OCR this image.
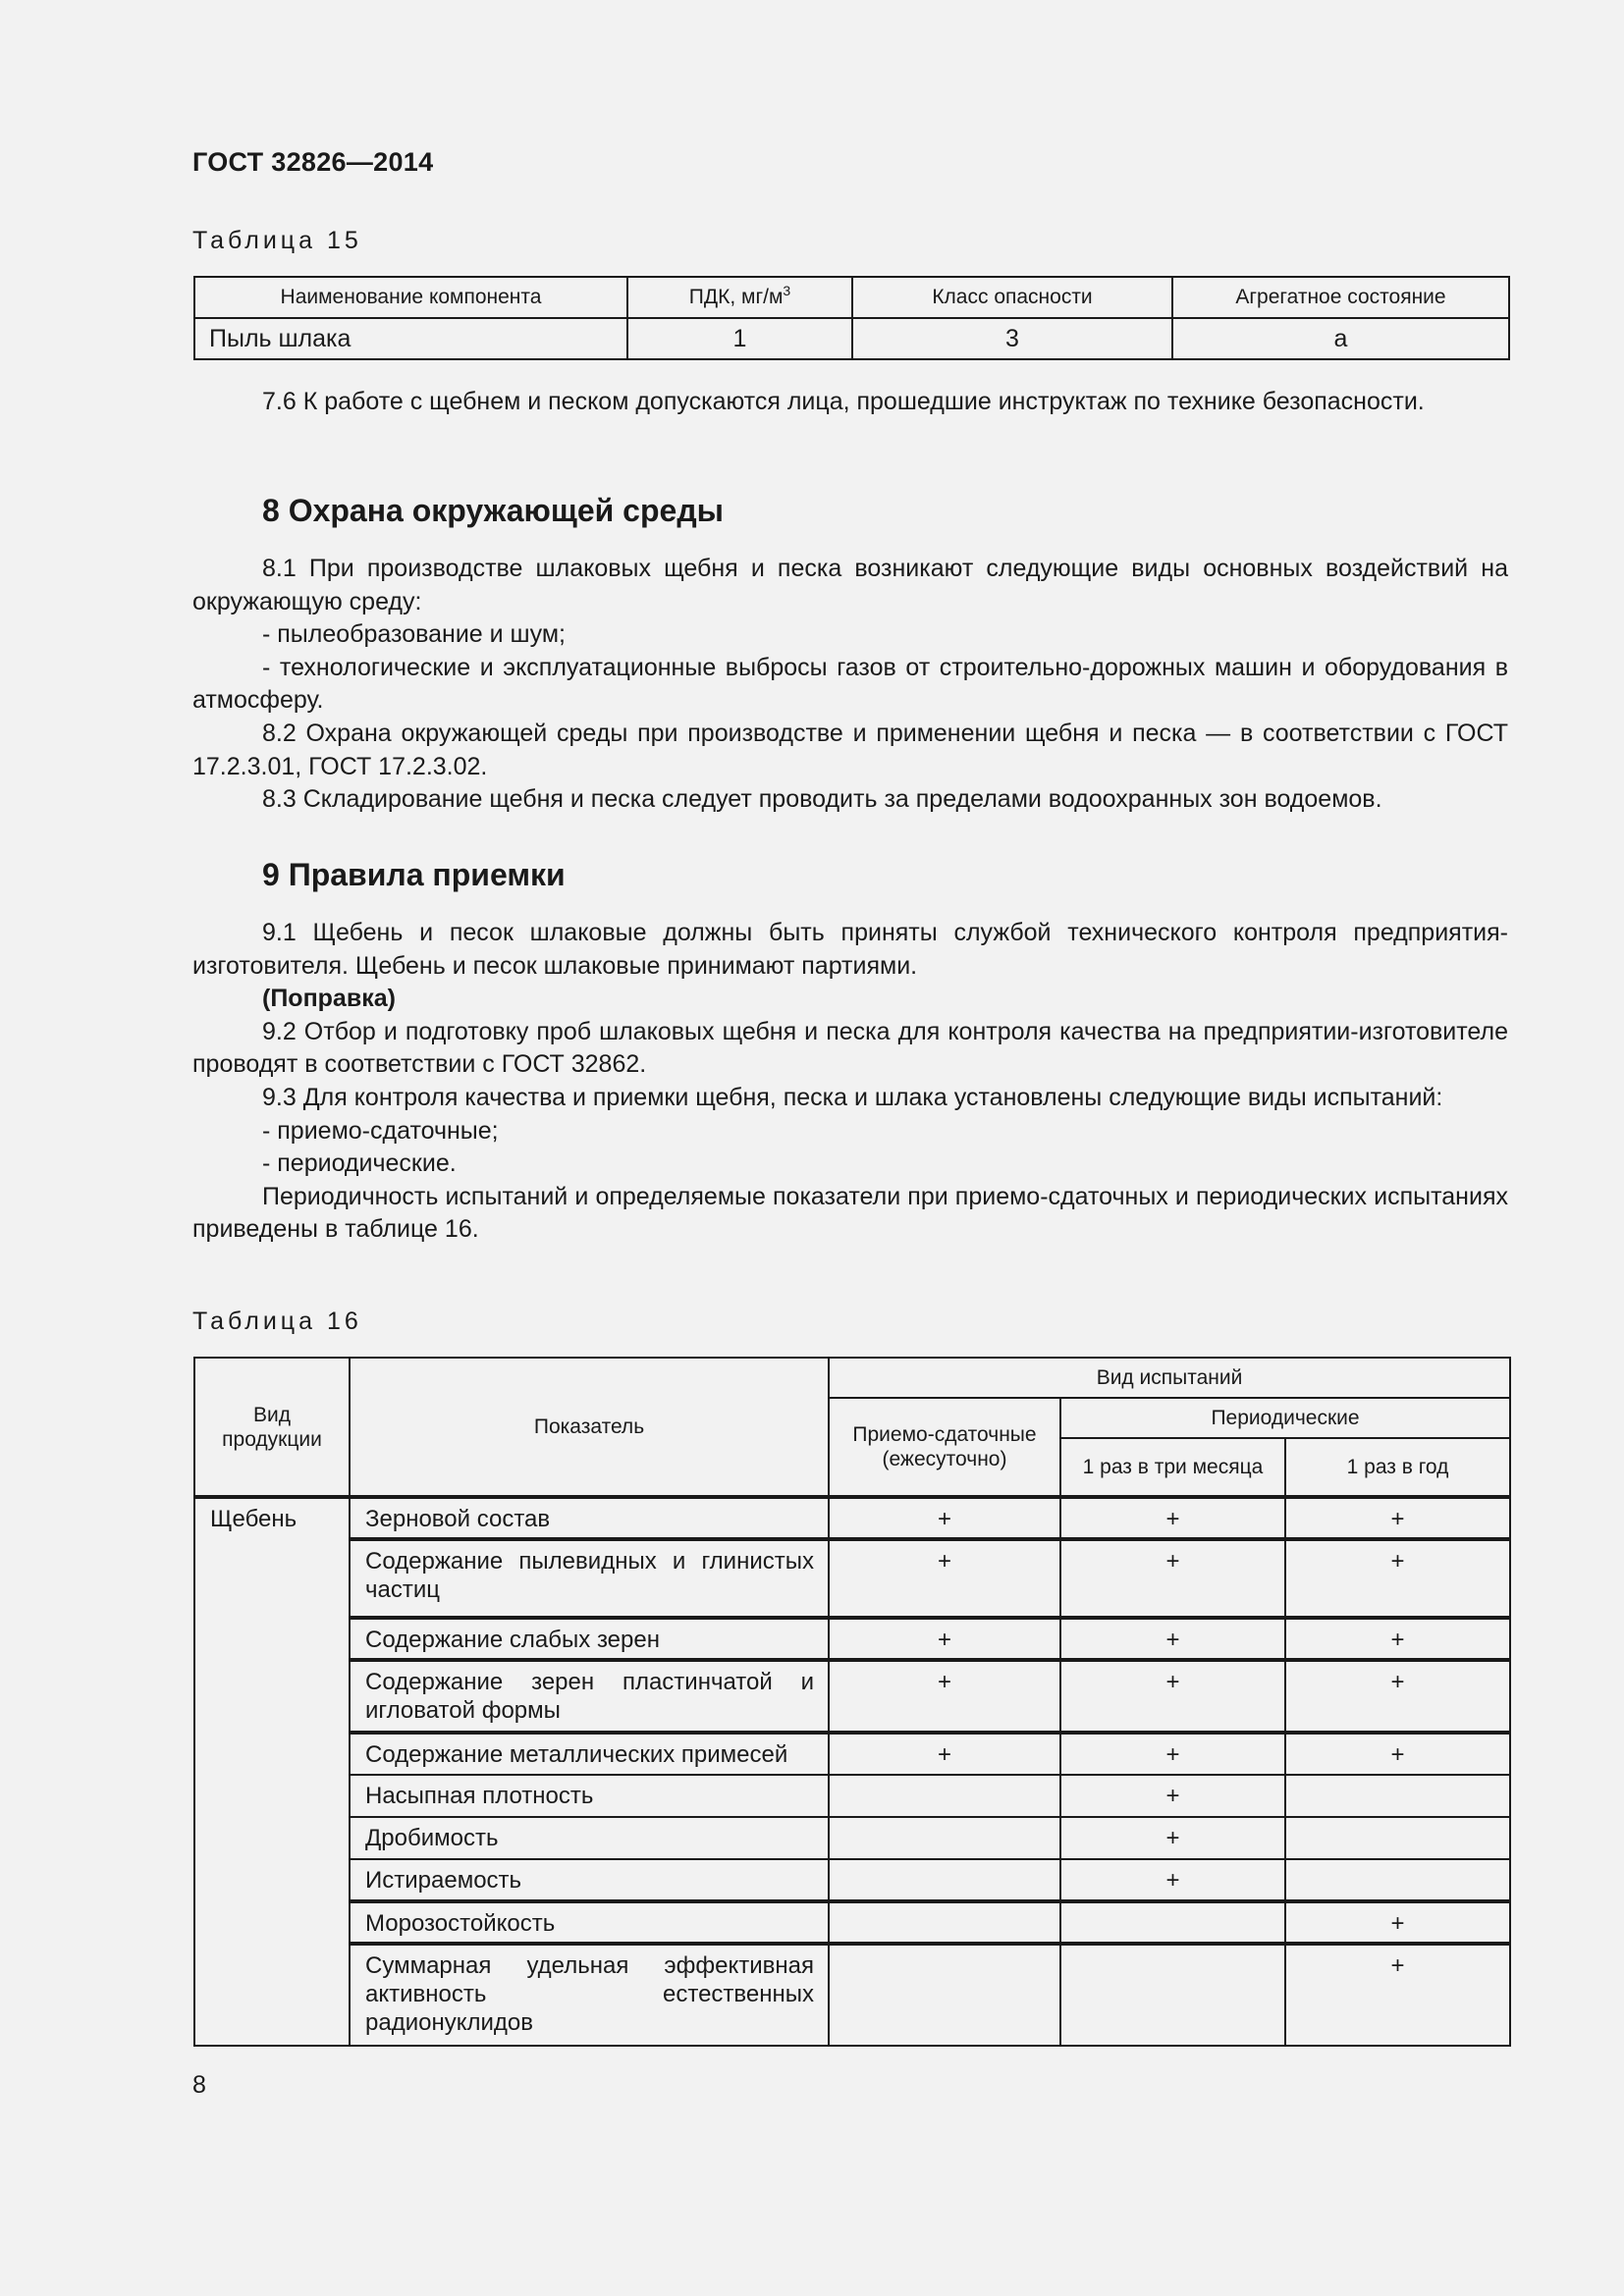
ГОСТ 32826—2014
Таблица 15
Наименование компонента	ПДК, $мг/м^3$	Класс опасности	Агрегатное состояние
Пыль шлака	1	3	а

7.6 К работе с щебнем и песком допускаются лица, прошедшие инструктаж по технике безопасности.

8 Охрана окружающей среды

8.1 При производстве шлаковых щебня и песка возникают следующие виды основных воздействий на окружающую среду:

- пылеобразование и шум;

- технологические и эксплуатационные выбросы газов от строительно-дорожных машин и оборудования в атмосферу.

8.2 Охрана окружающей среды при производстве и применении щебня и песка — в соответствии с ГОСТ 17.2.3.01, ГОСТ 17.2.3.02.

8.3 Складирование щебня и песка следует проводить за пределами водоохранных зон водоемов.

9 Правила приемки

9.1 Щебень и песок шлаковые должны быть приняты службой технического контроля предприятия-изготовителя. Щебень и песок шлаковые принимают партиями.

(Поправка)

9.2 Отбор и подготовку проб шлаковых щебня и песка для контроля качества на предприятии-изготовителе проводят в соответствии с ГОСТ 32862.

9.3 Для контроля качества и приемки щебня, песка и шлака установлены следующие виды испытаний:

- приемо-сдаточные;

- периодические.

Периодичность испытаний и определяемые показатели при приемо-сдаточных и периодических испытаниях приведены в таблице 16.

Таблица 16
Вид продукции	Показатель	Вид испытаний		
		Приемо-сдаточные (ежесуточно)	Периодические	
			1 раз в три месяца	1 раз в год
Щебень	Зерновой состав	+	+	+
	Содержание пылевидных и глинистых частиц	+	+	+
	Содержание слабых зерен	+	+	+
	Содержание зерен пластинчатой и игловатой формы	+	+	+
	Содержание металлических примесей	+	+	+
	Насыпная плотность		+	
	Дробимость		+	
	Истираемость		+	
	Морозостойкость			+
	Суммарная удельная эффективная активность естественных радионуклидов			+
8
